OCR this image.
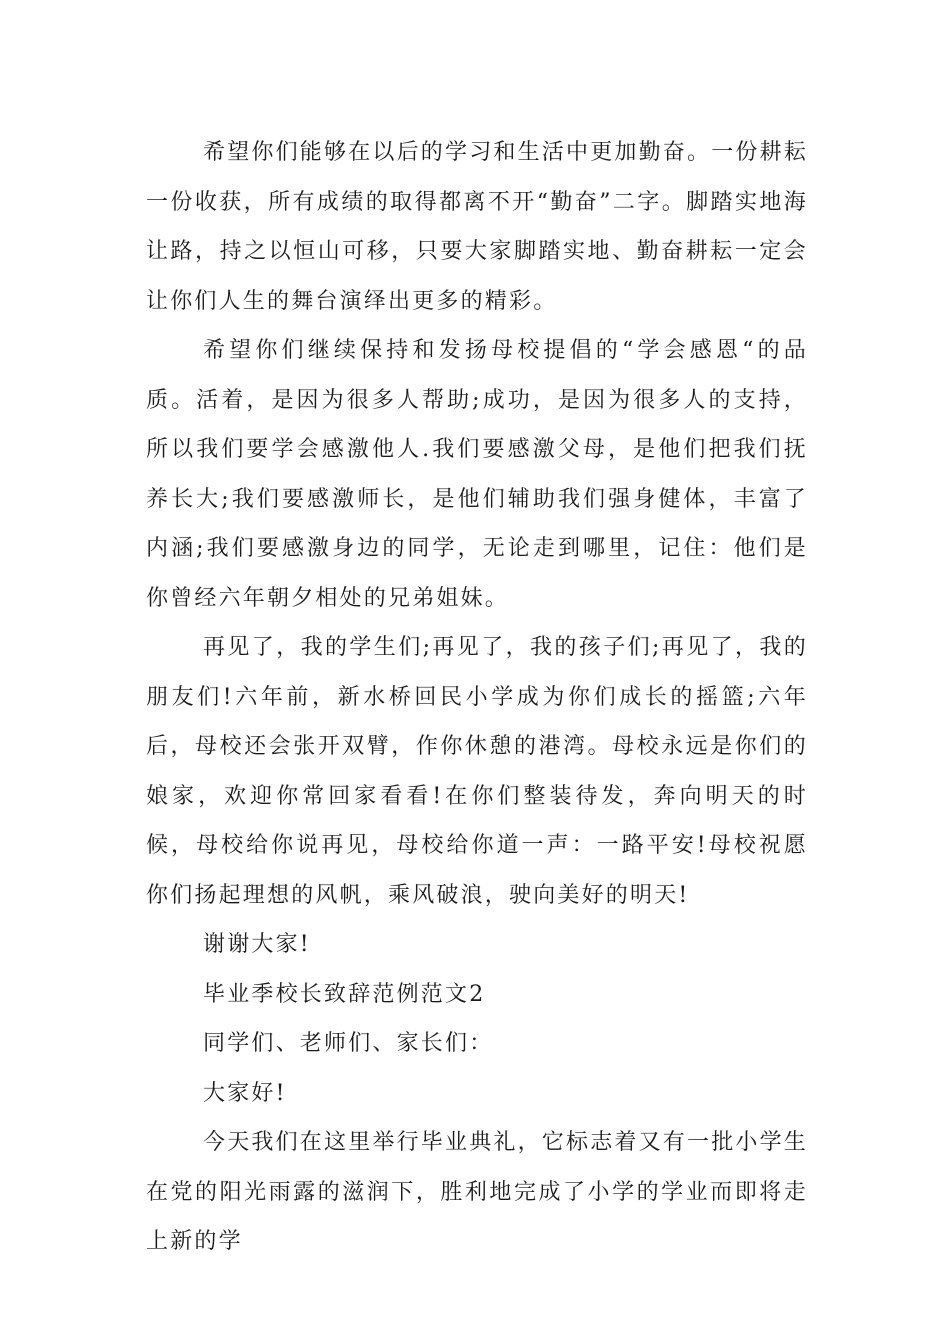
希望你们能够在以后的学习和生活中更加勤奋。一份耕耘一份收获，所有成绩的取得都离不开“勤奋”二字。脚踏实地海让路，持之以恒山可移，只要大家脚踏实地、勤奋耕耘一定会让你们人生的舞台演绎出更多的精彩。

希望你们继续保持和发扬母校提倡的“学会感恩“的品质。活着，是因为很多人帮助;成功，是因为很多人的支持，所以我们要学会感激他人.我们要感激父母，是他们把我们抚养长大;我们要感激师长，是他们辅助我们强身健体，丰富了内涵;我们要感激身边的同学，无论走到哪里，记住：他们是你曾经六年朝夕相处的兄弟姐妹。

再见了，我的学生们;再见了，我的孩子们;再见了，我的朋友们!六年前，新水桥回民小学成为你们成长的摇篮;六年后，母校还会张开双臂，作你休憩的港湾。母校永远是你们的娘家，欢迎你常回家看看!在你们整装待发，奔向明天的时候，母校给你说再见，母校给你道一声：一路平安!母校祝愿你们扬起理想的风帆，乘风破浪，驶向美好的明天!

谢谢大家!

毕业季校长致辞范例范文2

同学们、老师们、家长们：

大家好!

今天我们在这里举行毕业典礼，它标志着又有一批小学生在党的阳光雨露的滋润下，胜利地完成了小学的学业而即将走上新的学
